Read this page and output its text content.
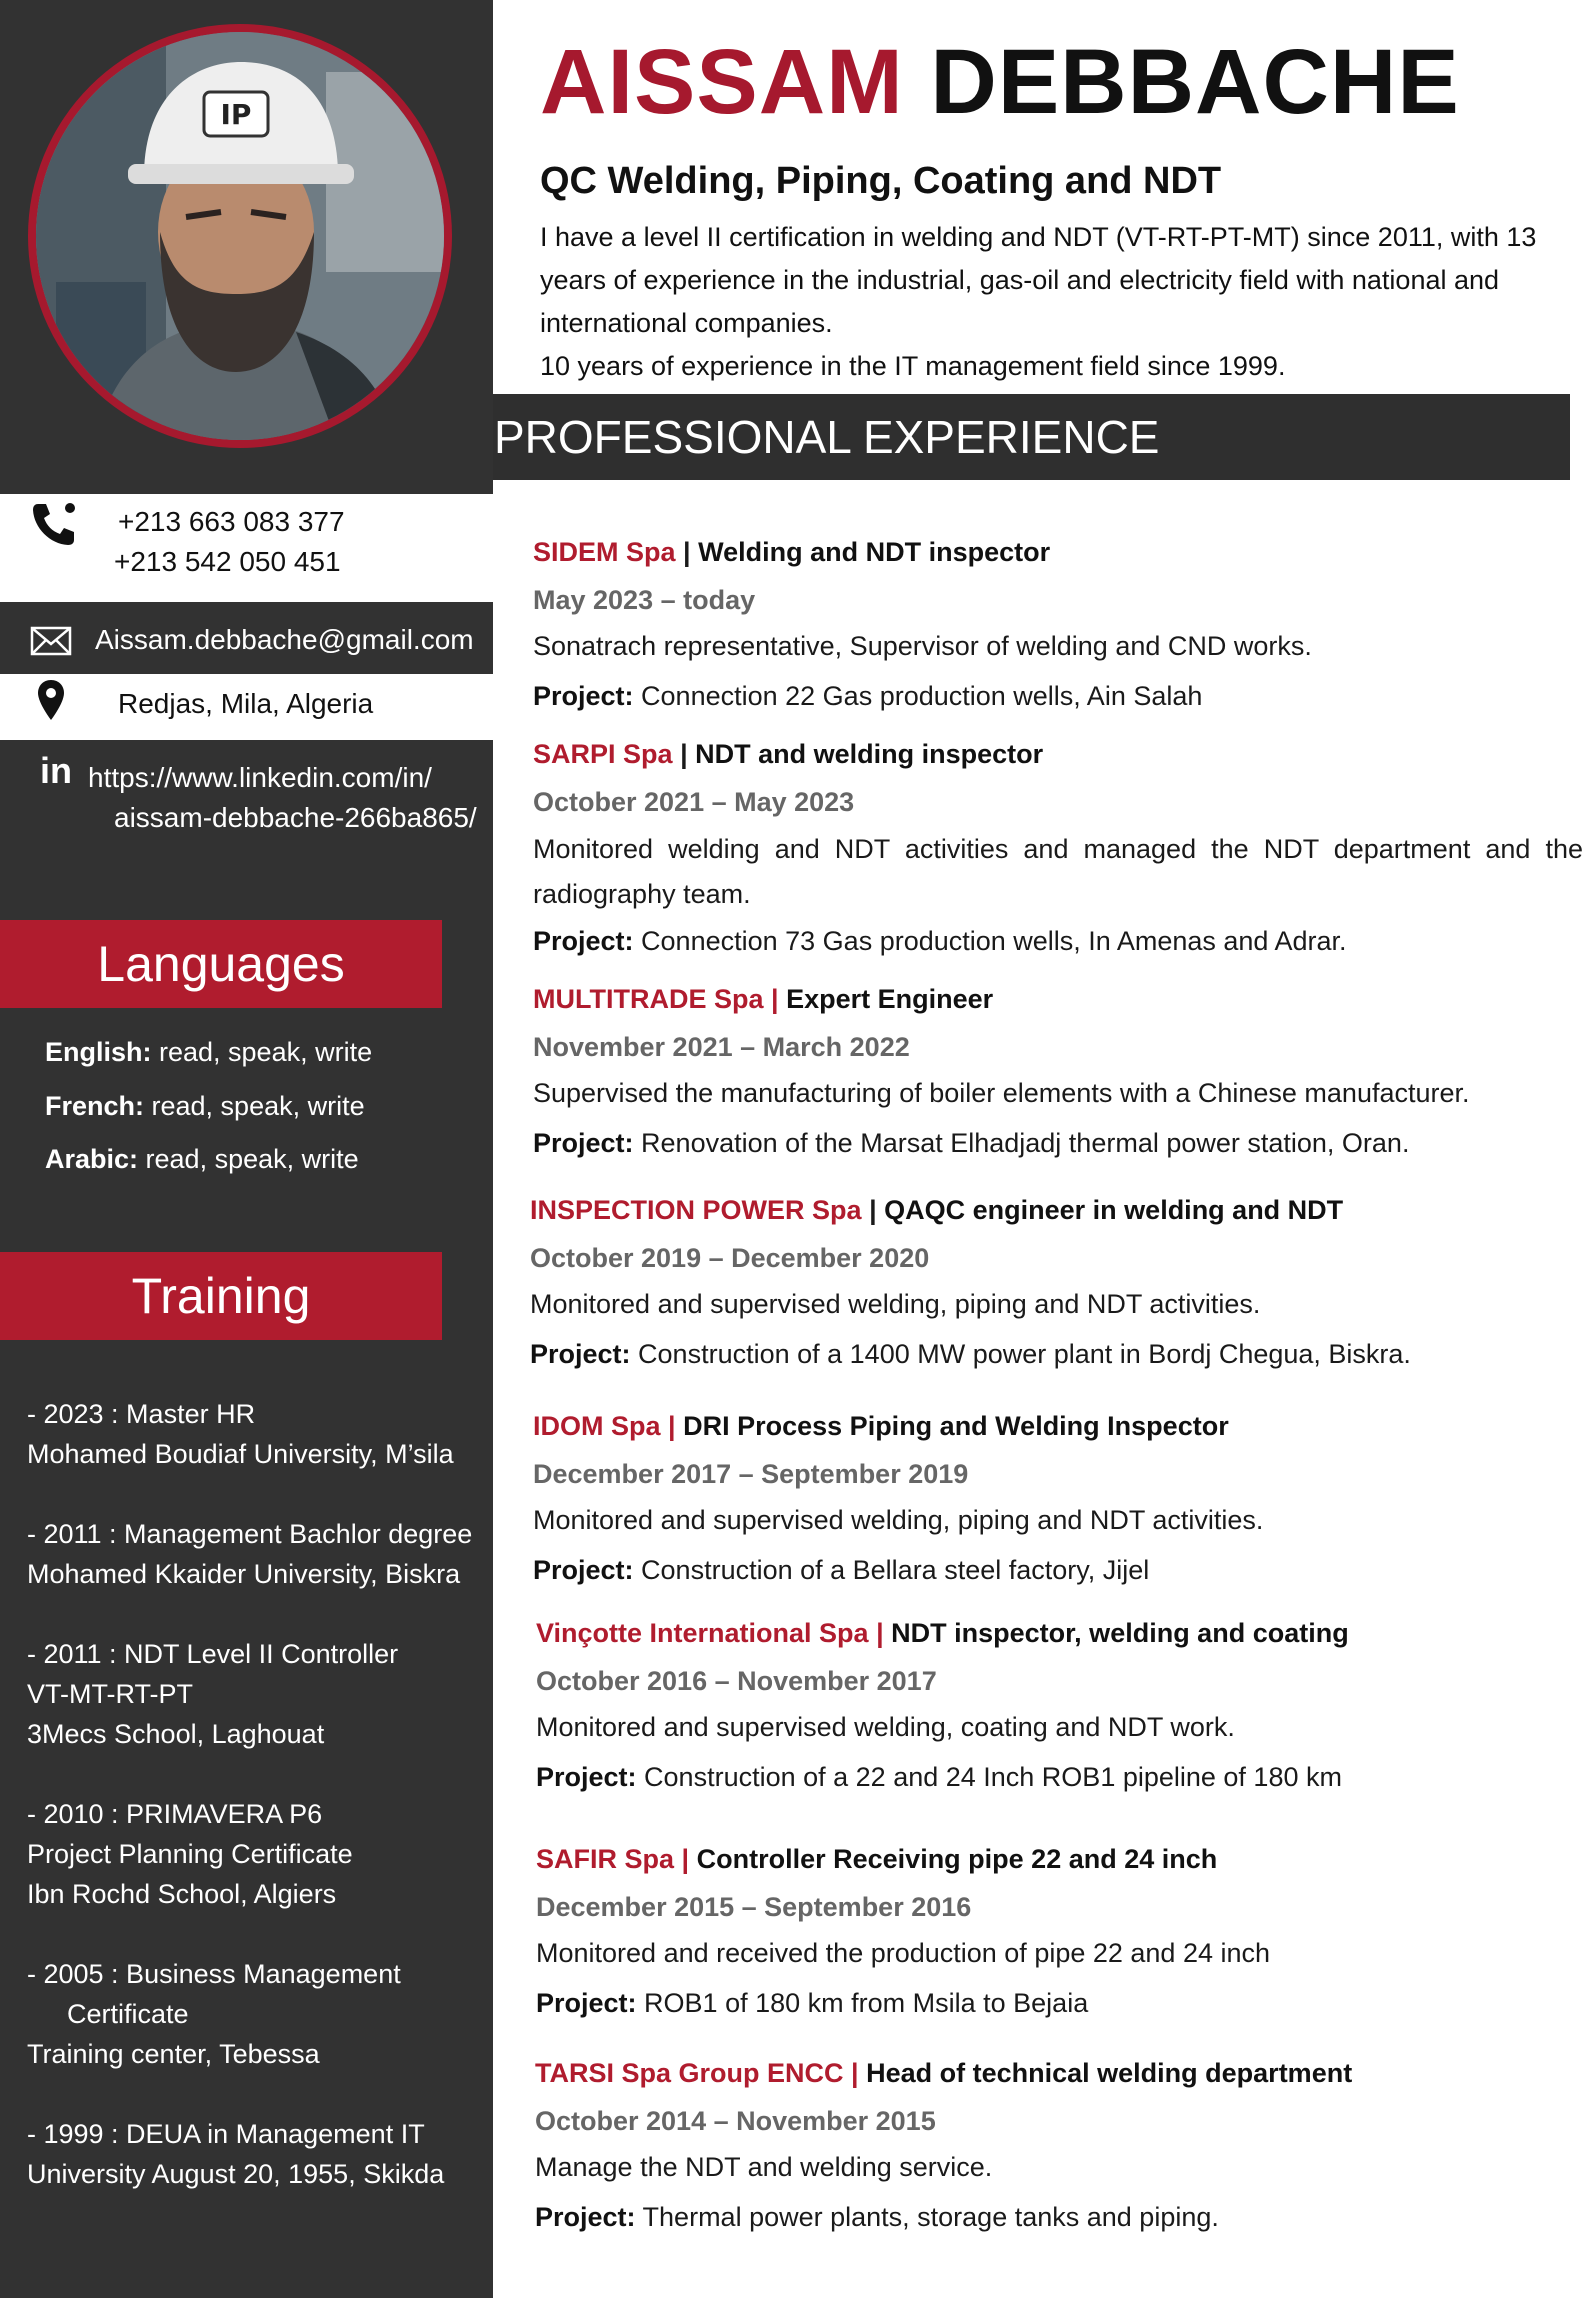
IP
+213 663 083 377
+213 542 050 451
Aissam.debbache@gmail.com
Redjas, Mila, Algeria
in https://www.linkedin.com/in/
aissam-debbache-266ba865/
Languages
English: read, speak, write
French: read, speak, write
Arabic: read, speak, write
Training
- 2023 : Master HR
Mohamed Boudiaf University, M’sila
- 2011 : Management Bachlor degree
Mohamed Kkaider University, Biskra
- 2011 : NDT Level II Controller
VT-MT-RT-PT
3Mecs School, Laghouat
- 2010 : PRIMAVERA P6
Project Planning Certificate
Ibn Rochd School, Algiers
- 2005 : Business Management
Certificate
Training center, Tebessa
- 1999 : DEUA in Management IT
University August 20, 1955, Skikda
AISSAM DEBBACHE
QC Welding, Piping, Coating and NDT
I have a level II certification in welding and NDT (VT-RT-PT-MT) since 2011, with 13
years of experience in the industrial, gas-oil and electricity field with national and
international companies.
10 years of experience in the IT management field since 1999.
PROFESSIONAL EXPERIENCE
SIDEM Spa | Welding and NDT inspector
May 2023 – today
Sonatrach representative, Supervisor of welding and CND works.
Project: Connection 22 Gas production wells, Ain Salah
SARPI Spa | NDT and welding inspector
October 2021 – May 2023
Monitored welding and NDT activities and managed the NDT department and the radiography team.
Project: Connection 73 Gas production wells, In Amenas and Adrar.
MULTITRADE Spa | Expert Engineer
November 2021 – March 2022
Supervised the manufacturing of boiler elements with a Chinese manufacturer.
Project: Renovation of the Marsat Elhadjadj thermal power station, Oran.
INSPECTION POWER Spa | QAQC engineer in welding and NDT
October 2019 – December 2020
Monitored and supervised welding, piping and NDT activities.
Project: Construction of a 1400 MW power plant in Bordj Chegua, Biskra.
IDOM Spa | DRI Process Piping and Welding Inspector
December 2017 – September 2019
Monitored and supervised welding, piping and NDT activities.
Project: Construction of a Bellara steel factory, Jijel
Vinçotte International Spa | NDT inspector, welding and coating
October 2016 – November 2017
Monitored and supervised welding, coating and NDT work.
Project: Construction of a 22 and 24 Inch ROB1 pipeline of 180 km
SAFIR Spa | Controller Receiving pipe 22 and 24 inch
December 2015 – September 2016
Monitored and received the production of pipe 22 and 24 inch
Project: ROB1 of 180 km from Msila to Bejaia
TARSI Spa Group ENCC | Head of technical welding department
October 2014 – November 2015
Manage the NDT and welding service.
Project: Thermal power plants, storage tanks and piping.
